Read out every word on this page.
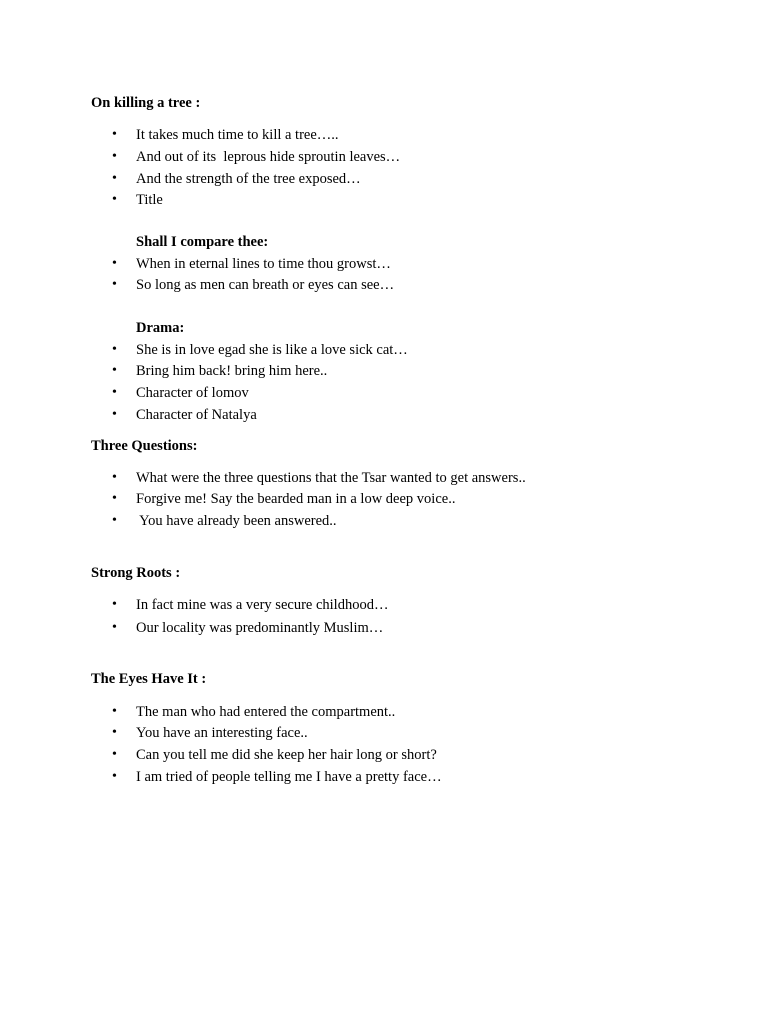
On killing a tree :

•

It takes much time to kill a tree…..

•

And out of its  leprous hide sproutin leaves…

•

And the strength of the tree exposed…

•

Title

Shall I compare thee:

•

When in eternal lines to time thou growst…

•

So long as men can breath or eyes can see…

Drama:

•

She is in love egad she is like a love sick cat…

•

Bring him back! bring him here..

•

Character of lomov

•

Character of Natalya

Three Questions:

•

What were the three questions that the Tsar wanted to get answers..

•

Forgive me! Say the bearded man in a low deep voice..

•

You have already been answered..

Strong Roots :

•

In fact mine was a very secure childhood…

•

Our locality was predominantly Muslim…

The Eyes Have It :

•

The man who had entered the compartment..

•

You have an interesting face..

•

Can you tell me did she keep her hair long or short?

•

I am tried of people telling me I have a pretty face…
